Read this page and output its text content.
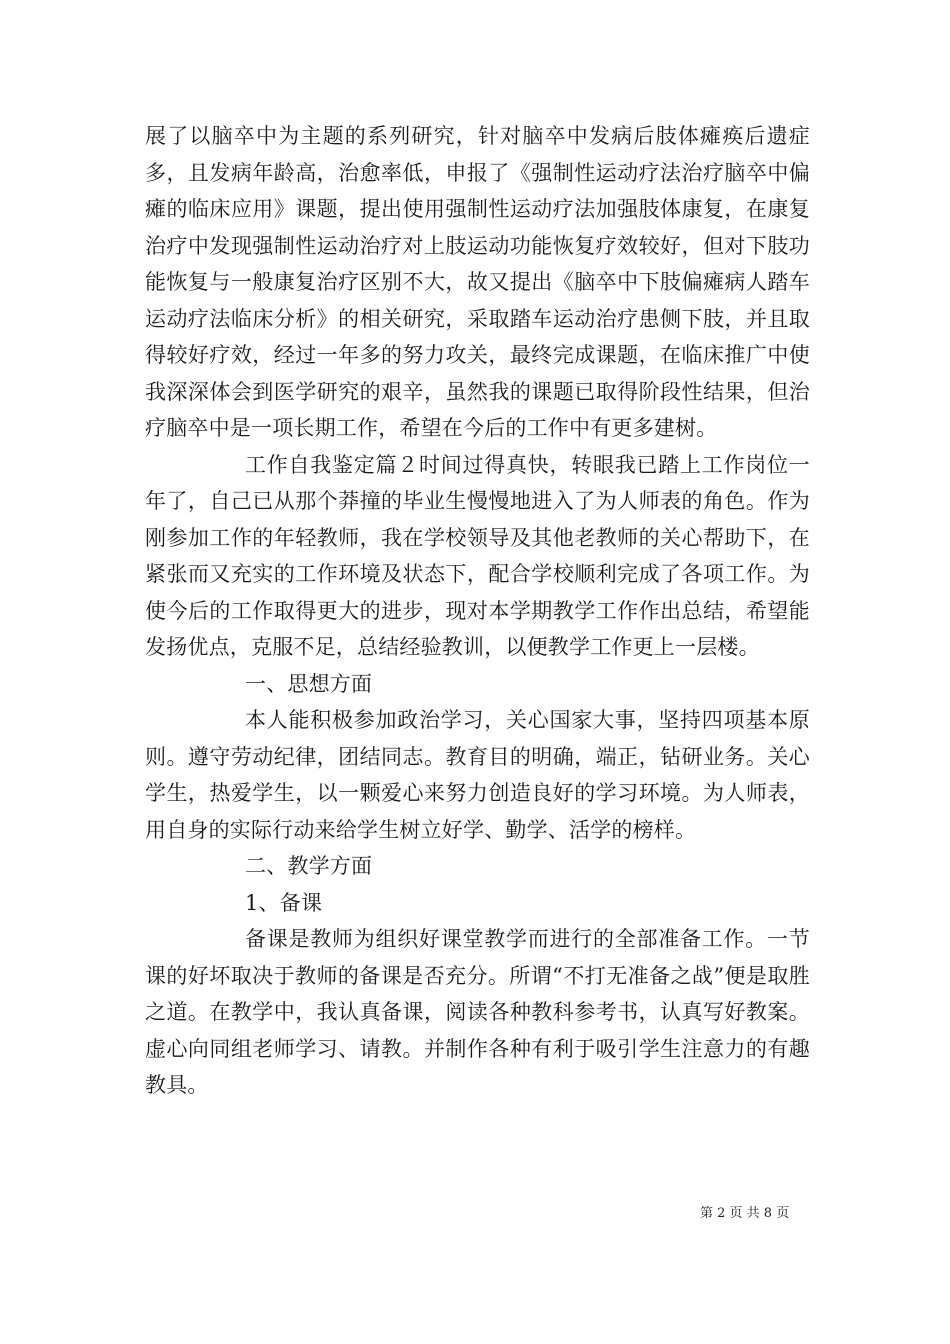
展了以脑卒中为主题的系列研究，针对脑卒中发病后肢体瘫痪后遗症多，且发病年龄高，治愈率低，申报了《强制性运动疗法治疗脑卒中偏瘫的临床应用》课题，提出使用强制性运动疗法加强肢体康复，在康复治疗中发现强制性运动治疗对上肢运动功能恢复疗效较好，但对下肢功能恢复与一般康复治疗区别不大，故又提出《脑卒中下肢偏瘫病人踏车运动疗法临床分析》的相关研究，采取踏车运动治疗患侧下肢，并且取得较好疗效，经过一年多的努力攻关，最终完成课题，在临床推广中使我深深体会到医学研究的艰辛，虽然我的课题已取得阶段性结果，但治疗脑卒中是一项长期工作，希望在今后的工作中有更多建树。

工作自我鉴定篇２时间过得真快，转眼我已踏上工作岗位一年了，自己已从那个莽撞的毕业生慢慢地进入了为人师表的角色。作为刚参加工作的年轻教师，我在学校领导及其他老教师的关心帮助下，在紧张而又充实的工作环境及状态下，配合学校顺利完成了各项工作。为使今后的工作取得更大的进步，现对本学期教学工作作出总结，希望能发扬优点，克服不足，总结经验教训，以便教学工作更上一层楼。

一、思想方面

本人能积极参加政治学习，关心国家大事，坚持四项基本原则。遵守劳动纪律，团结同志。教育目的明确，端正，钻研业务。关心学生，热爱学生，以一颗爱心来努力创造良好的学习环境。为人师表，用自身的实际行动来给学生树立好学、勤学、活学的榜样。

二、教学方面

1、备课

备课是教师为组织好课堂教学而进行的全部准备工作。一节课的好坏取决于教师的备课是否充分。所谓“不打无准备之战”便是取胜之道。在教学中，我认真备课，阅读各种教科参考书，认真写好教案。虚心向同组老师学习、请教。并制作各种有利于吸引学生注意力的有趣教具。

第 2 页 共 8 页
